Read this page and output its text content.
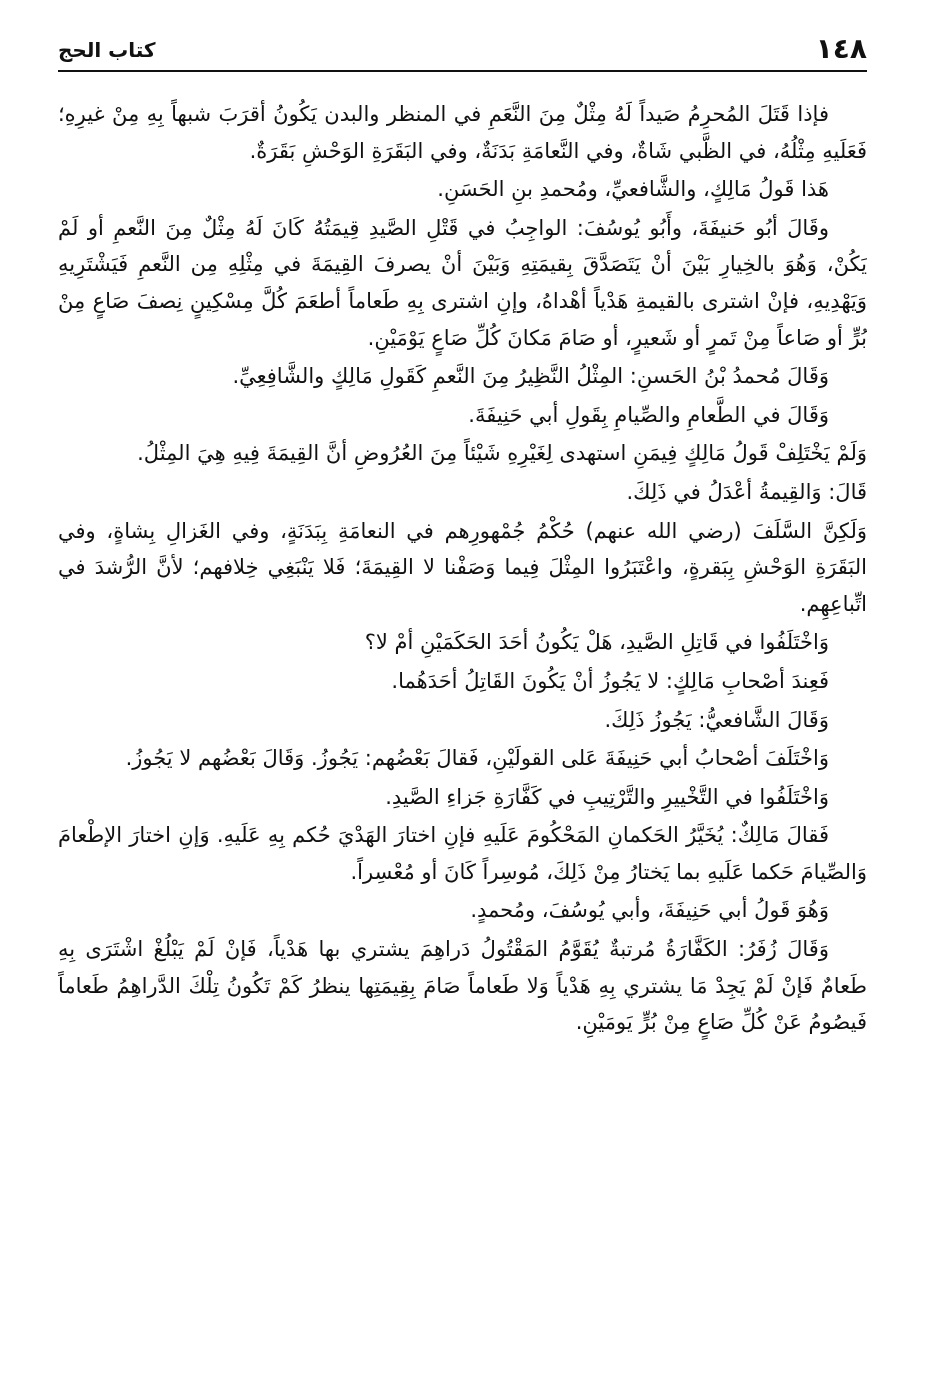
١٤٨
كتاب الحج

فإذا قَتَلَ المُحرِمُ صَيداً لَهُ مِثْلٌ مِنَ النَّعَمِ في المنظر والبدن يَكُونُ أقرَبَ شبهاً بِهِ مِنْ غيرِهِ؛ فَعَلَيهِ مِثْلُهُ، في الظَّبي شَاةٌ، وفي النَّعامَةِ بَدَنَةٌ، وفي البَقَرَةِ الوَحْشِ بَقَرَةٌ.

هَذا قَولُ مَالِكٍ، والشَّافعيِّ، ومُحمدِ بنِ الحَسَنِ.

وقَالَ أبُو حَنيفَةَ، وأَبُو يُوسُفَ: الواجِبُ في قَتْلِ الصَّيدِ قِيمَتُهُ كَانَ لَهُ مِثْلٌ مِنَ النَّعمِ أو لَمْ يَكُنْ، وَهُوَ بالخِيارِ بَيْنَ أنْ يَتَصَدَّقَ بِقيمَتِهِ وَبَيْنَ أنْ يصرفَ القِيمَةَ في مِثْلِهِ مِن النَّعمِ فَيَشْتَرِيهِ وَيَهْدِيهِ، فإنْ اشترى بالقيمةِ هَدْياً أهْداهُ، وإنِ اشترى بِهِ طَعاماً أطعَمَ كُلَّ مِسْكِينٍ نِصفَ صَاعٍ مِنْ بُرٍّ أو صَاعاً مِنْ تَمرٍ أو شَعيرٍ، أو صَامَ مَكانَ كُلِّ صَاعٍ يَوْمَيْنِ.

وَقَالَ مُحمدُ بْنُ الحَسنِ: المِثْلُ النَّظِيرُ مِنَ النَّعمِ كَقَولِ مَالِكٍ والشَّافِعِيِّ.

وَقَالَ في الطَّعامِ والصِّيامِ بِقَولِ أبي حَنِيفَةَ.

وَلَمْ يَخْتَلِفْ قَولُ مَالِكٍ فِيمَنِ استهدى لِغَيْرِهِ شَيْئاً مِنَ العُرُوضِ أنَّ القِيمَةَ فِيهِ هِيَ المِثْلُ.

قَالَ: وَالقِيمةُ أعْدَلُ في ذَلِكَ.

وَلَكِنَّ السَّلَفَ (رضي الله عنهم) حُكْمُ جُمْهورِهم في النعامَةِ بِبَدَنَةٍ، وفي الغَزالِ بِشاةٍ، وفي البَقَرَةِ الوَحْشِ بِبَقرةٍ، واعْتَبَرُوا المِثْلَ فِيما وَصَفْنا لا القِيمَةَ؛ فَلا يَنْبَغِي خِلافهم؛ لأنَّ الرُّشدَ في اتِّباعِهِم.

وَاخْتَلَفُوا في قَاتِلِ الصَّيدِ، هَلْ يَكُونُ أحَدَ الحَكَمَيْنِ أمْ لا؟

فَعِندَ أصْحابِ مَالِكٍ: لا يَجُوزُ أنْ يَكُونَ القَاتِلُ أحَدَهُما.

وَقَالَ الشَّافعيُّ: يَجُوزُ ذَلِكَ.

وَاخْتَلَفَ أصْحابُ أبي حَنِيفَةَ عَلى القولَيْنِ، فَقالَ بَعْضُهم: يَجُوزُ. وَقَالَ بَعْضُهم لا يَجُوزُ.

وَاخْتَلَفُوا في التَّخْييرِ والتَّرْتِيبِ في كَفَّارَةِ جَزاءِ الصَّيدِ.

فَقالَ مَالِكٌ: يُخَيَّرُ الحَكمانِ المَحْكُومَ عَلَيهِ فإنِ اختارَ الهَدْيَ حُكم بِهِ عَلَيهِ. وَإنِ اختارَ الإطْعامَ وَالصِّيامَ حَكما عَلَيهِ بما يَختارُ مِنْ ذَلِكَ، مُوسِراً كَانَ أو مُعْسِراً.

وَهُوَ قَولُ أبي حَنِيفَةَ، وأبي يُوسُفَ، ومُحمدٍ.

وَقَالَ زُفَرُ: الكَفَّارَةُ مُرتبةٌ يُقَوَّمُ المَقْتُولُ دَراهِمَ يشتري بها هَدْياً، فَإنْ لَمْ يَبْلُغْ اشْتَرَى بِهِ طَعامٌ فَإنْ لَمْ يَجِدْ مَا يشتري بِهِ هَدْياً وَلا طَعاماً صَامَ بِقِيمَتِها ينظرُ كَمْ تَكُونُ تِلْكَ الدَّراهِمُ طَعاماً فَيصُومُ عَنْ كُلِّ صَاعٍ مِنْ بُرٍّ يَومَيْنِ.
